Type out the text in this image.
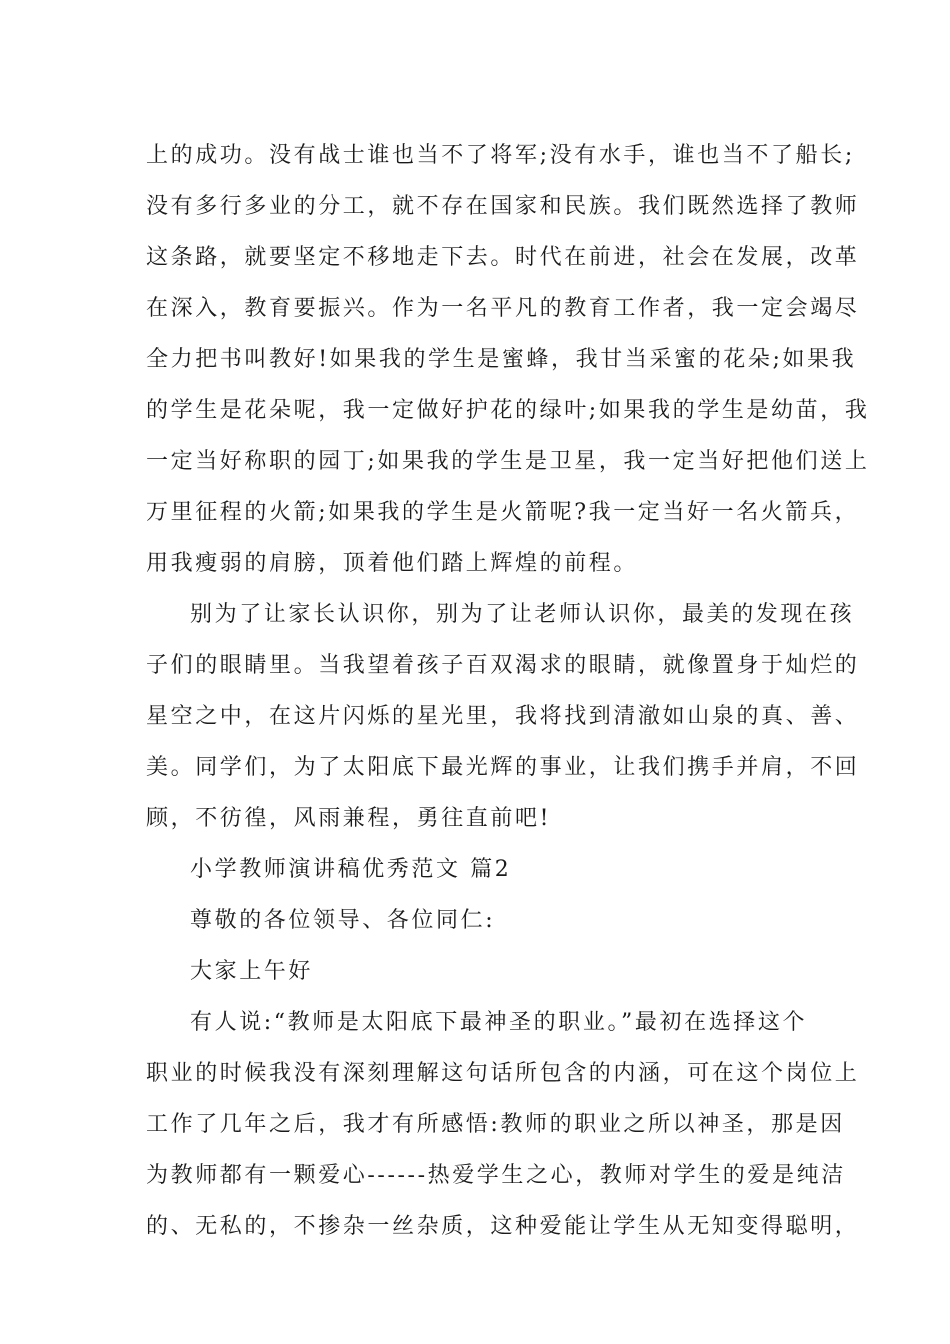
上的成功。没有战士谁也当不了将军;没有水手，谁也当不了船长;
没有多行多业的分工，就不存在国家和民族。我们既然选择了教师
这条路，就要坚定不移地走下去。时代在前进，社会在发展，改革
在深入，教育要振兴。作为一名平凡的教育工作者，我一定会竭尽
全力把书叫教好!如果我的学生是蜜蜂，我甘当采蜜的花朵;如果我
的学生是花朵呢，我一定做好护花的绿叶;如果我的学生是幼苗，我
一定当好称职的园丁;如果我的学生是卫星，我一定当好把他们送上
万里征程的火箭;如果我的学生是火箭呢?我一定当好一名火箭兵，
用我瘦弱的肩膀，顶着他们踏上辉煌的前程。
别为了让家长认识你，别为了让老师认识你，最美的发现在孩
子们的眼睛里。当我望着孩子百双渴求的眼睛，就像置身于灿烂的
星空之中，在这片闪烁的星光里，我将找到清澈如山泉的真、善、
美。同学们，为了太阳底下最光辉的事业，让我们携手并肩，不回
顾，不彷徨，风雨兼程，勇往直前吧!
小学教师演讲稿优秀范文 篇2
尊敬的各位领导、各位同仁:
大家上午好
有人说:“教师是太阳底下最神圣的职业。”最初在选择这个
职业的时候我没有深刻理解这句话所包含的内涵，可在这个岗位上
工作了几年之后，我才有所感悟:教师的职业之所以神圣，那是因
为教师都有一颗爱心------热爱学生之心，教师对学生的爱是纯洁
的、无私的，不掺杂一丝杂质，这种爱能让学生从无知变得聪明，
